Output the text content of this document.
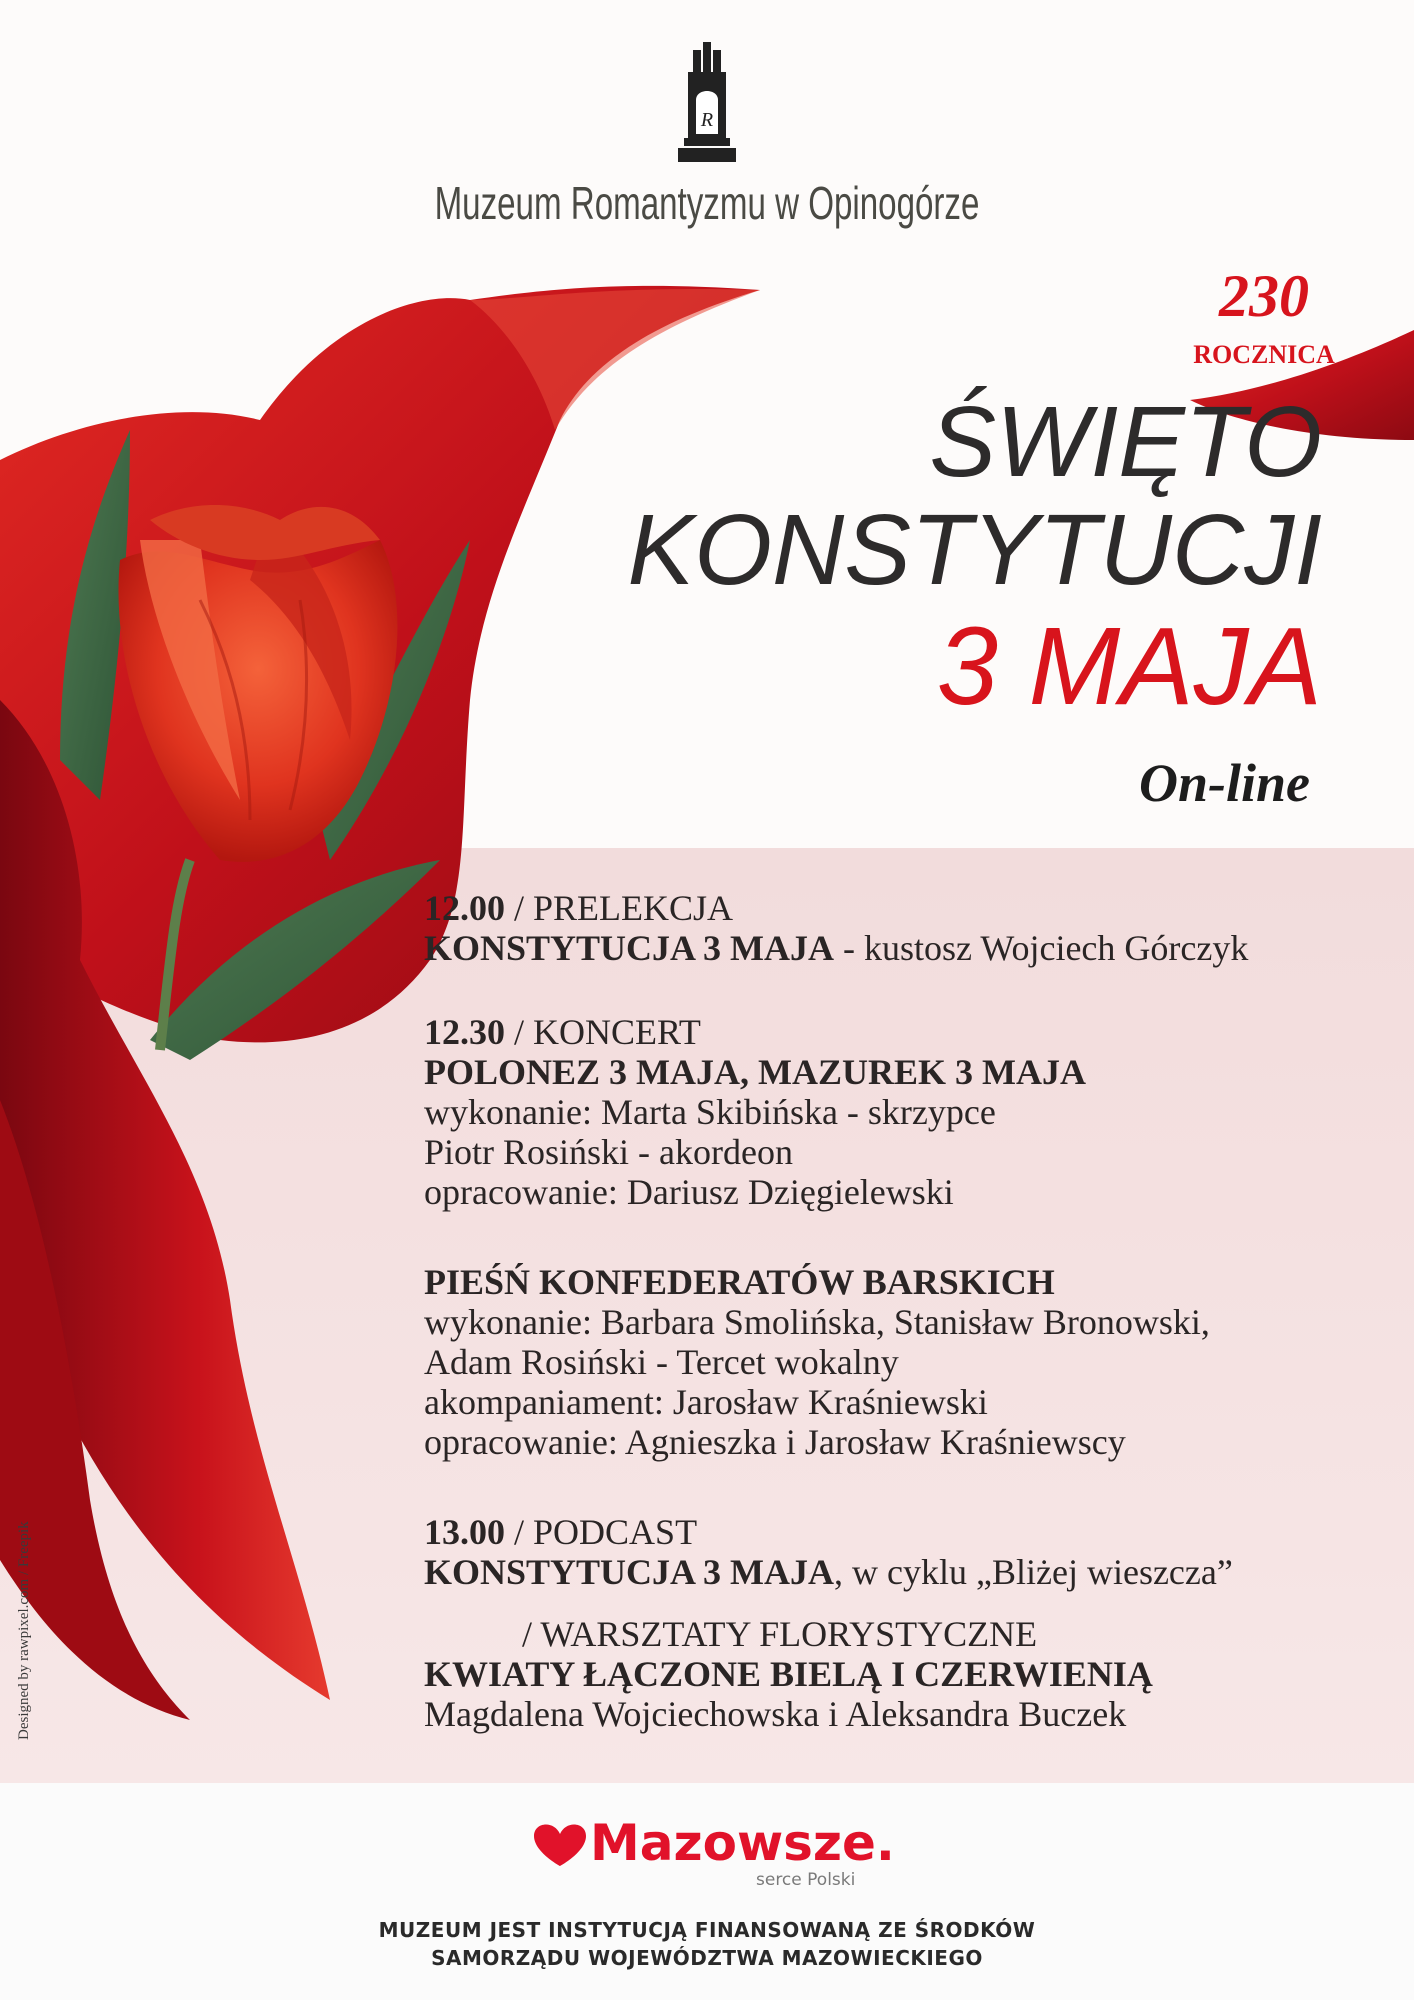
R
Muzeum Romantyzmu w Opinogórze
230
ROCZNICA
ŚWIĘTO
KONSTYTUCJI
3 MAJA
On-line
12.00 / PRELEKCJA
KONSTYTUCJA 3 MAJA - kustosz Wojciech Górczyk
12.30 / KONCERT
POLONEZ 3 MAJA, MAZUREK 3 MAJA
wykonanie: Marta Skibińska - skrzypce
Piotr Rosiński - akordeon
opracowanie: Dariusz Dzięgielewski
PIEŚŃ KONFEDERATÓW BARSKICH
wykonanie: Barbara Smolińska, Stanisław Bronowski,
Adam Rosiński - Tercet wokalny
akompaniament: Jarosław Kraśniewski
opracowanie: Agnieszka i Jarosław Kraśniewscy
13.00 / PODCAST
KONSTYTUCJA 3 MAJA, w cyklu „Bliżej wieszcza”
/ WARSZTATY FLORYSTYCZNE
KWIATY ŁĄCZONE BIELĄ I CZERWIENIĄ
Magdalena Wojciechowska i Aleksandra Buczek
Designed by rawpixel.com / Freepik
Mazowsze.
serce Polski
MUZEUM JEST INSTYTUCJĄ FINANSOWANĄ ZE ŚRODKÓW
SAMORZĄDU WOJEWÓDZTWA MAZOWIECKIEGO
